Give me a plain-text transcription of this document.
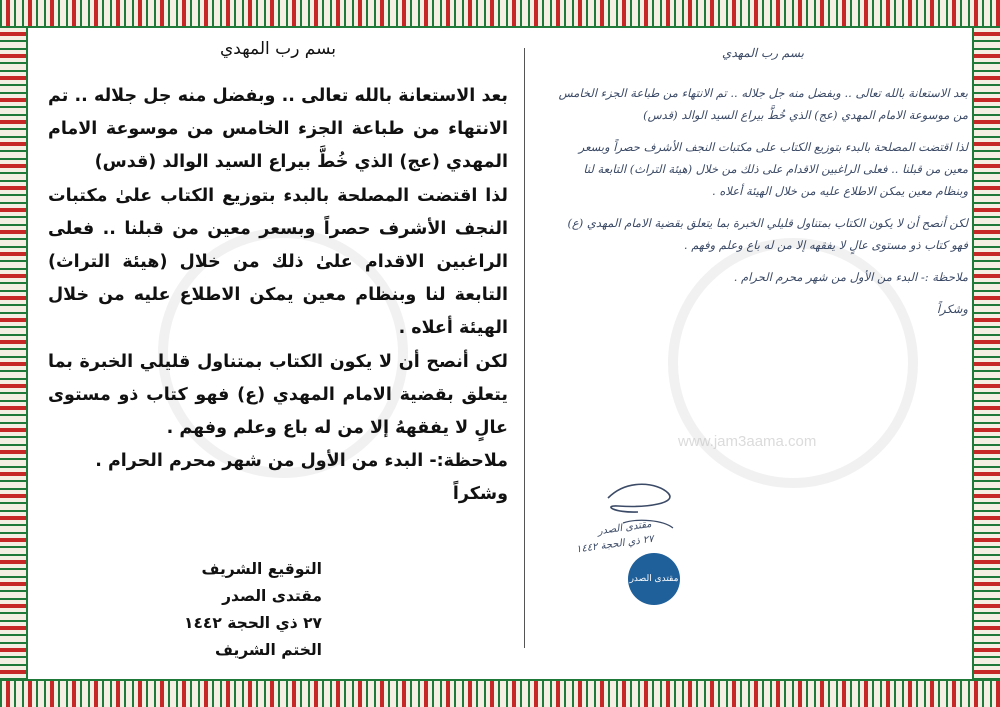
www.jam3aama.com
بسم رب المهدي
بعد الاستعانة بالله تعالى .. وبفضل منه جل جلاله .. تم الانتهاء من طباعة الجزء الخامس من موسوعة الامام المهدي (عج) الذي خُطَّ بيراع السيد الوالد (قدس)
لذا اقتضت المصلحة بالبدء بتوزيع الكتاب علىٰ مكتبات النجف الأشرف حصراً وبسعر معين من قبلنا .. فعلى الراغبين الاقدام علىٰ ذلك من خلال (هيئة التراث) التابعة لنا وبنظام معين يمكن الاطلاع عليه من خلال الهيئة أعلاه .
لكن أنصح أن لا يكون الكتاب بمتناول قليلي الخبرة بما يتعلق بقضية الامام المهدي (ع) فهو كتاب ذو مستوى عالٍ لا يفقههُ إلا من له باع وعلم وفهم .
ملاحظة:- البدء من الأول من شهر محرم الحرام .
وشكراً
التوقيع الشريف
مقتدى الصدر
٢٧ ذي الحجة ١٤٤٢
الختم الشريف
بسم رب المهدي
بعد الاستعانة بالله تعالى .. وبفضل منه جل جلاله .. تم الانتهاء من طباعة الجزء الخامس من موسوعة الامام المهدي (عج) الذي خُطَّ بيراع السيد الوالد (قدس)
لذا اقتضت المصلحة بالبدء بتوزيع الكتاب على مكتبات النجف الأشرف حصراً وبسعر معين من قبلنا .. فعلى الراغبين الاقدام على ذلك من خلال (هيئة التراث) التابعة لنا وبنظام معين يمكن الاطلاع عليه من خلال الهيئة أعلاه .
لكن أنصح أن لا يكون الكتاب بمتناول قليلي الخبرة بما يتعلق بقضية الامام المهدي (ع) فهو كتاب ذو مستوى عالٍ لا يفقهه إلا من له باع وعلم وفهم .
ملاحظة :- البدء من الأول من شهر محرم الحرام .
وشكراً
مقتدى الصدر
٢٧ ذي الحجة ١٤٤٢
مقتدى الصدر
